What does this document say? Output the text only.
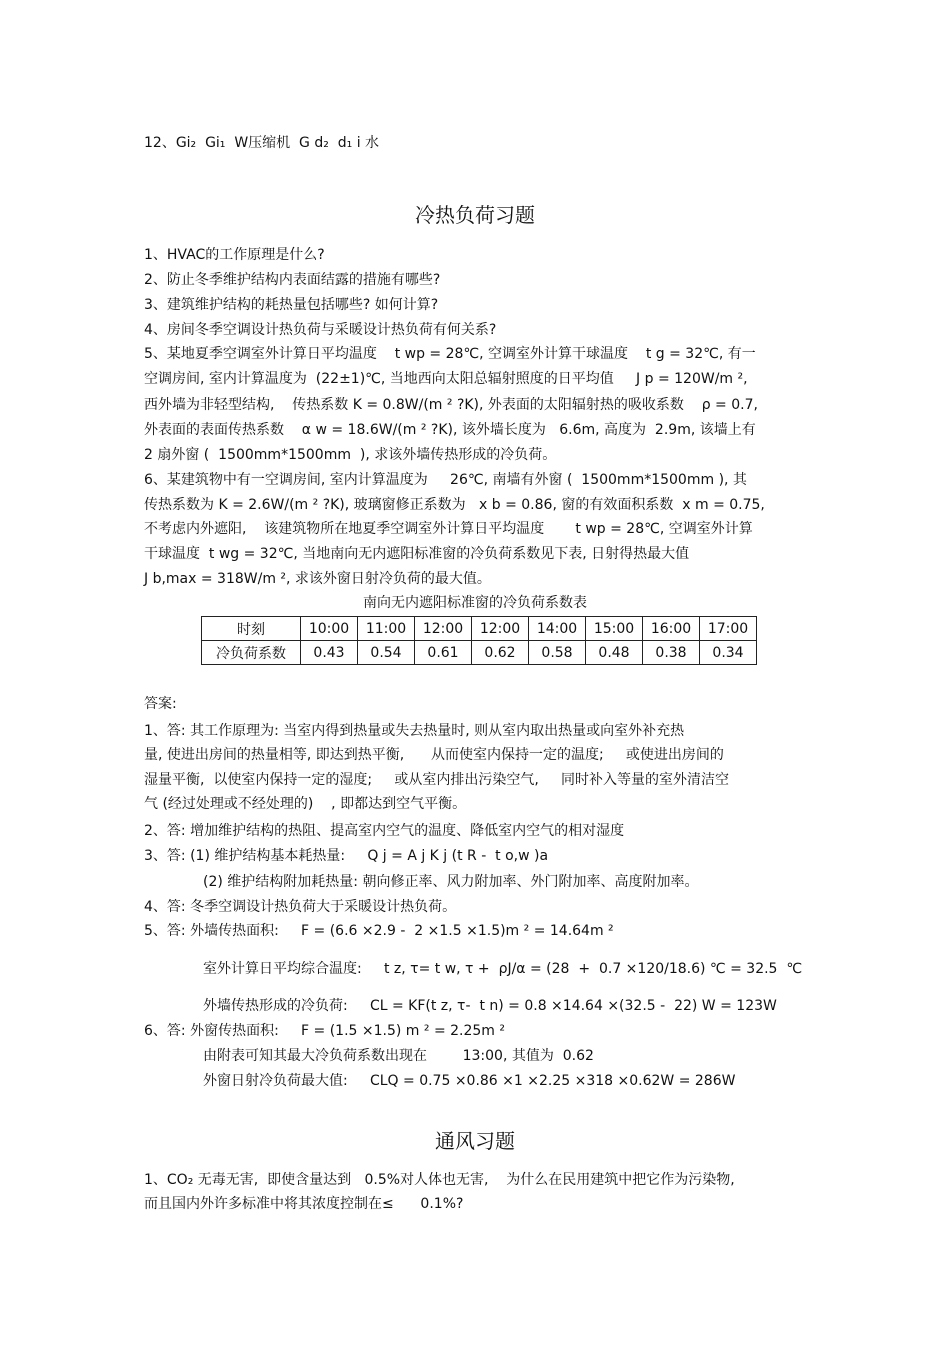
12、Gi₂  Gi₁  W压缩机  G d₂  d₁ i 水
冷热负荷习题
1、HVAC的工作原理是什么?
2、防止冬季维护结构内表面结露的措施有哪些?
3、建筑维护结构的耗热量包括哪些? 如何计算?
4、房间冬季空调设计热负荷与采暖设计热负荷有何关系?
5、某地夏季空调室外计算日平均温度    t wp = 28℃, 空调室外计算干球温度    t g = 32℃, 有一
空调房间, 室内计算温度为  (22±1)℃, 当地西向太阳总辐射照度的日平均值     J p = 120W/m ²,
西外墙为非轻型结构,    传热系数 K = 0.8W/(m ² ?K), 外表面的太阳辐射热的吸收系数    ρ = 0.7,
外表面的表面传热系数    α w = 18.6W/(m ² ?K), 该外墙长度为   6.6m, 高度为  2.9m, 该墙上有
2 扇外窗 (  1500mm*1500mm  ), 求该外墙传热形成的冷负荷。
6、某建筑物中有一空调房间, 室内计算温度为     26℃, 南墙有外窗 (  1500mm*1500mm ), 其
传热系数为 K = 2.6W/(m ² ?K), 玻璃窗修正系数为   x b = 0.86, 窗的有效面积系数  x m = 0.75,
不考虑内外遮阳,    该建筑物所在地夏季空调室外计算日平均温度       t wp = 28℃, 空调室外计算
干球温度  t wg = 32℃, 当地南向无内遮阳标准窗的冷负荷系数见下表, 日射得热最大值
J b,max = 318W/m ², 求该外窗日射冷负荷的最大值。
南向无内遮阳标准窗的冷负荷系数表
时刻	10:00	11:00	12:00	12:00	14:00	15:00	16:00	17:00
冷负荷系数	0.43	0.54	0.61	0.62	0.58	0.48	0.38	0.34
答案:
1、答: 其工作原理为: 当室内得到热量或失去热量时, 则从室内取出热量或向室外补充热
量, 使进出房间的热量相等, 即达到热平衡,      从而使室内保持一定的温度;     或使进出房间的
湿量平衡,  以使室内保持一定的湿度;     或从室内排出污染空气,     同时补入等量的室外清洁空
气 (经过处理或不经处理的)    , 即都达到空气平衡。
2、答: 增加维护结构的热阻、提高室内空气的温度、降低室内空气的相对湿度
3、答: (1) 维护结构基本耗热量:     Q j = A j K j (t R -  t o,w )a
(2) 维护结构附加耗热量: 朝向修正率、风力附加率、外门附加率、高度附加率。
4、答: 冬季空调设计热负荷大于采暖设计热负荷。
5、答: 外墙传热面积:     F = (6.6 ×2.9 -  2 ×1.5 ×1.5)m ² = 14.64m ²
室外计算日平均综合温度:     t z, τ= t w, τ +  ρJ/α = (28  +  0.7 ×120/18.6) ℃ = 32.5  ℃
外墙传热形成的冷负荷:     CL = KF(t z, τ-  t n) = 0.8 ×14.64 ×(32.5 -  22) W = 123W
6、答: 外窗传热面积:     F = (1.5 ×1.5) m ² = 2.25m ²
由附表可知其最大冷负荷系数出现在        13:00, 其值为  0.62
外窗日射冷负荷最大值:     CLQ = 0.75 ×0.86 ×1 ×2.25 ×318 ×0.62W = 286W
通风习题
1、CO₂ 无毒无害,  即使含量达到   0.5%对人体也无害,    为什么在民用建筑中把它作为污染物,
而且国内外许多标准中将其浓度控制在≤      0.1%?
